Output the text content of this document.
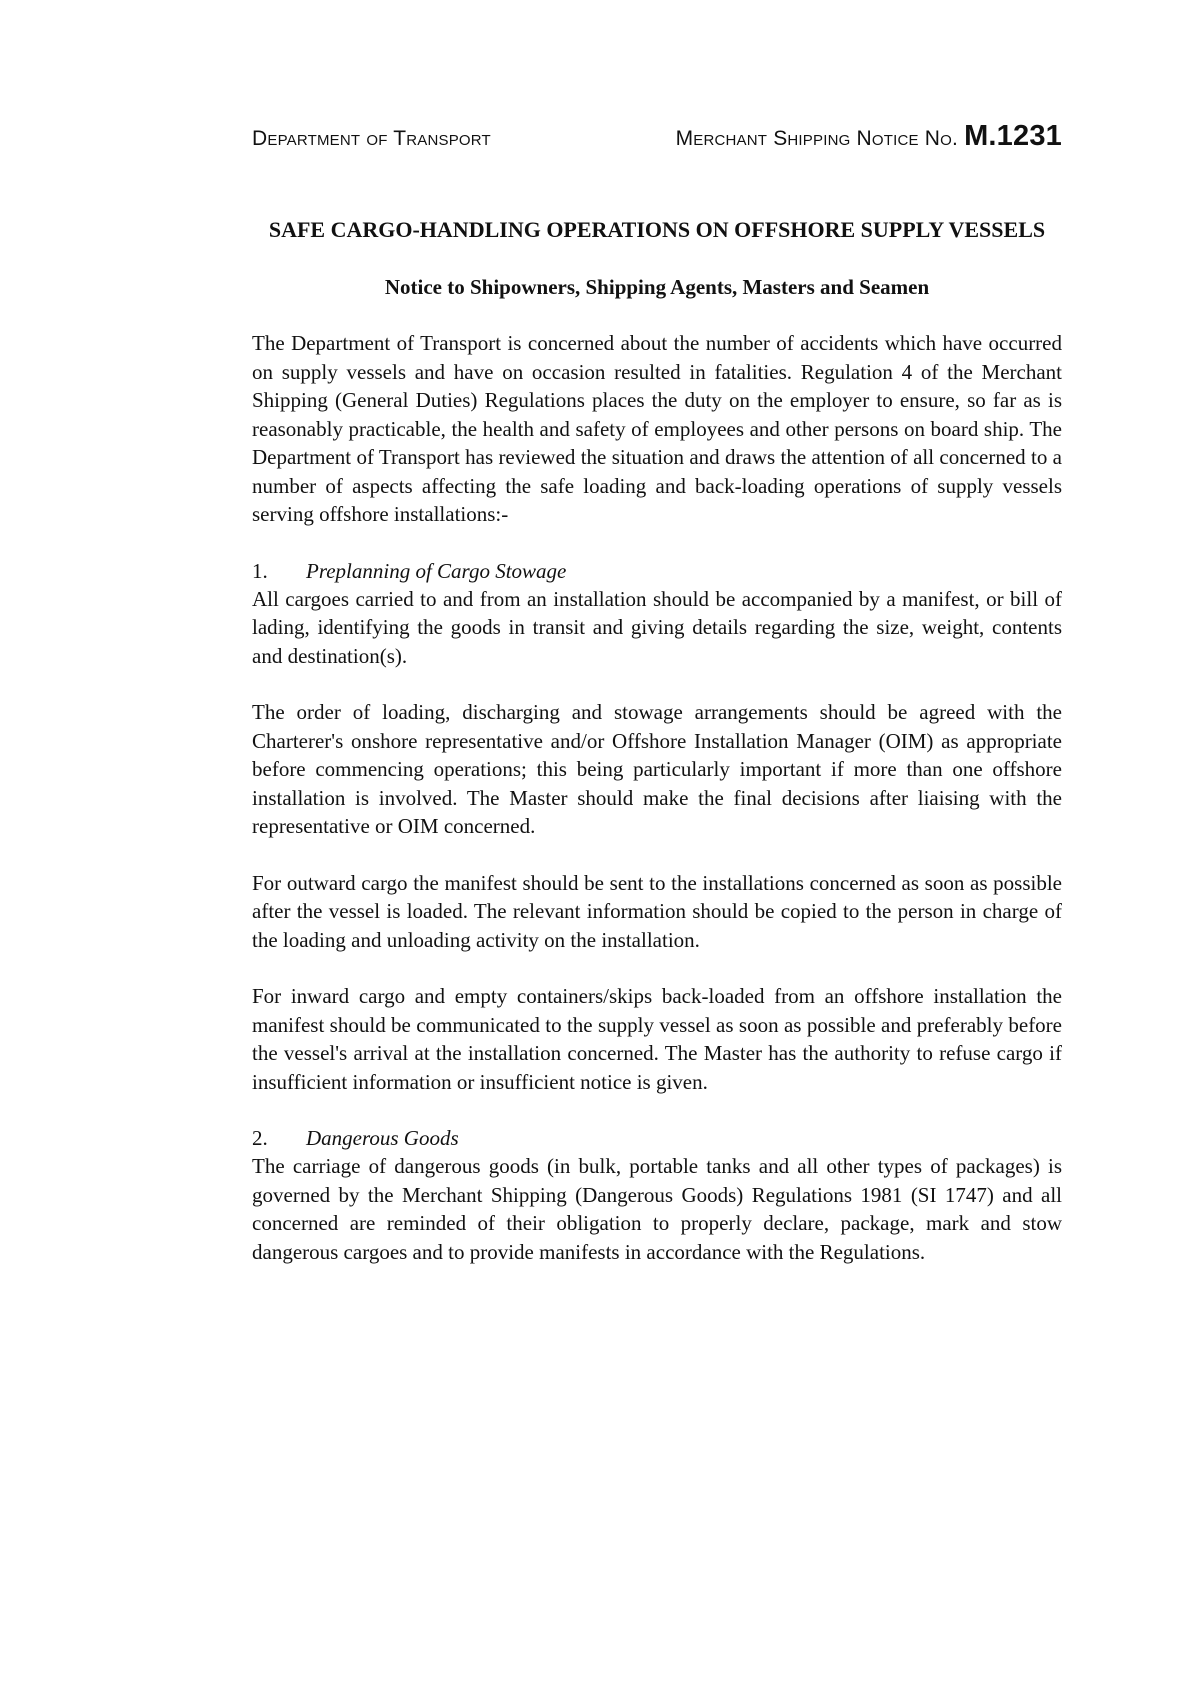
Department of Transport	Merchant Shipping Notice No. M.1231
SAFE CARGO-HANDLING OPERATIONS ON OFFSHORE SUPPLY VESSELS
Notice to Shipowners, Shipping Agents, Masters and Seamen

The Department of Transport is concerned about the number of accidents which have occurred on supply vessels and have on occasion resulted in fatalities. Regulation 4 of the Merchant Shipping (General Duties) Regulations places the duty on the employer to ensure, so far as is reasonably practicable, the health and safety of employees and other persons on board ship. The Department of Transport has reviewed the situation and draws the attention of all concerned to a number of aspects affecting the safe loading and back-loading operations of supply vessels serving offshore installations:-

1.	Preplanning of Cargo Stowage

All cargoes carried to and from an installation should be accompanied by a manifest, or bill of lading, identifying the goods in transit and giving details regarding the size, weight, contents and destination(s).

The order of loading, discharging and stowage arrangements should be agreed with the Charterer's onshore representative and/or Offshore Installation Manager (OIM) as appropriate before commencing operations; this being particularly important if more than one offshore installation is involved. The Master should make the final decisions after liaising with the representative or OIM concerned.

For outward cargo the manifest should be sent to the installations concerned as soon as possible after the vessel is loaded. The relevant information should be copied to the person in charge of the loading and unloading activity on the installation.

For inward cargo and empty containers/skips back-loaded from an offshore installation the manifest should be communicated to the supply vessel as soon as possible and preferably before the vessel's arrival at the installation concerned. The Master has the authority to refuse cargo if insufficient information or insufficient notice is given.

2.	Dangerous Goods

The carriage of dangerous goods (in bulk, portable tanks and all other types of packages) is governed by the Merchant Shipping (Dangerous Goods) Regulations 1981 (SI 1747) and all concerned are reminded of their obligation to properly declare, package, mark and stow dangerous cargoes and to provide manifests in accordance with the Regulations.
